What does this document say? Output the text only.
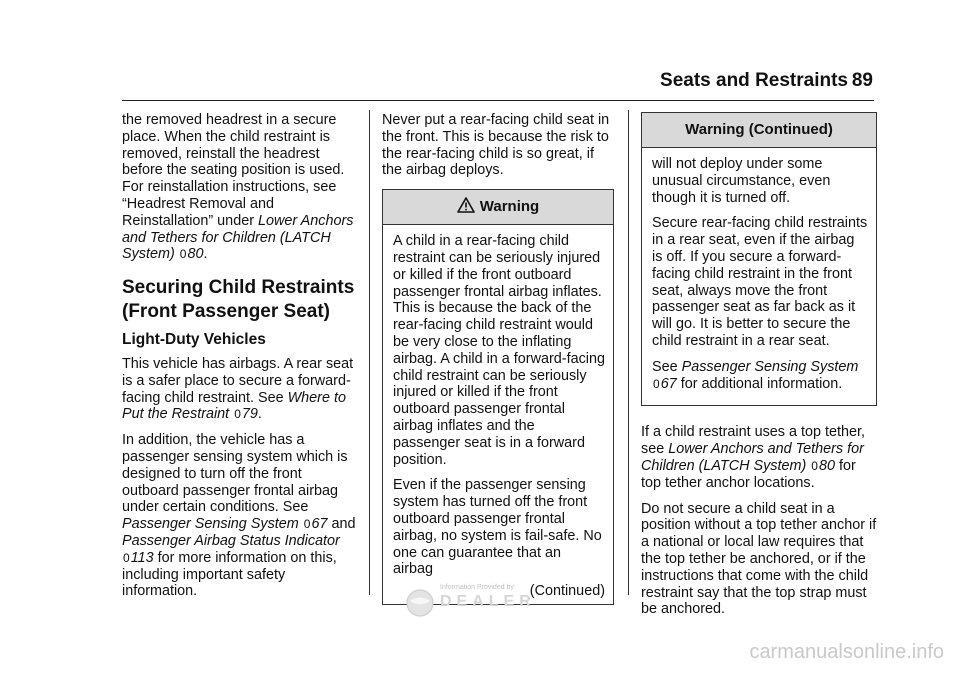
Seats and Restraints 89

the removed headrest in a secure place. When the child restraint is removed, reinstall the headrest before the seating position is used. For reinstallation instructions, see “Headrest Removal and Reinstallation” under Lower Anchors and Tethers for Children (LATCH System) 080.

Securing Child Restraints (Front Passenger Seat)
Light-Duty Vehicles

This vehicle has airbags. A rear seat is a safer place to secure a forward-facing child restraint. See Where to Put the Restraint 079.

In addition, the vehicle has a passenger sensing system which is designed to turn off the front outboard passenger frontal airbag under certain conditions. See Passenger Sensing System 067 and Passenger Airbag Status Indicator 0113 for more information on this, including important safety information.

Never put a rear-facing child seat in the front. This is because the risk to the rear-facing child is so great, if the airbag deploys.

Warning

A child in a rear-facing child restraint can be seriously injured or killed if the front outboard passenger frontal airbag inflates. This is because the back of the rear-facing child restraint would be very close to the inflating airbag. A child in a forward-facing child restraint can be seriously injured or killed if the front outboard passenger frontal airbag inflates and the passenger seat is in a forward position.

Even if the passenger sensing system has turned off the front outboard passenger frontal airbag, no system is fail-safe. No one can guarantee that an airbag

(Continued)
Warning (Continued)

will not deploy under some unusual circumstance, even though it is turned off.

Secure rear-facing child restraints in a rear seat, even if the airbag is off. If you secure a forward-facing child restraint in the front seat, always move the front passenger seat as far back as it will go. It is better to secure the child restraint in a rear seat.

See Passenger Sensing System
067 for additional information.

If a child restraint uses a top tether, see Lower Anchors and Tethers for Children (LATCH System) 080 for top tether anchor locations.

Do not secure a child seat in a position without a top tether anchor if a national or local law requires that the top tether be anchored, or if the instructions that come with the child restraint say that the top strap must be anchored.

Information Provided by:
DEALER
carmanualsonline.info
